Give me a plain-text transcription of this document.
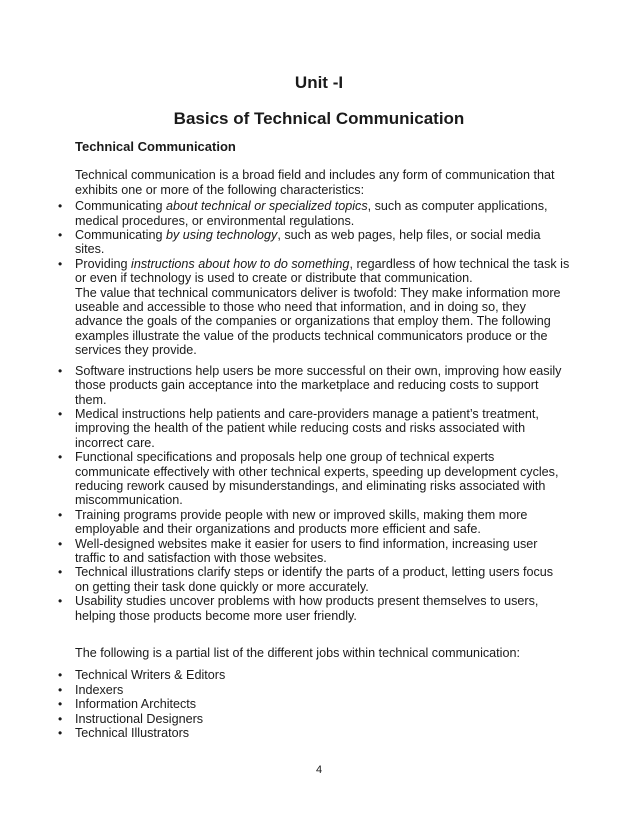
Unit -I
Basics of Technical Communication

Technical Communication

Technical communication is a broad field and includes any form of communication that exhibits one or more of the following characteristics:

• Communicating about technical or specialized topics, such as computer applications, medical procedures, or environmental regulations.
• Communicating by using technology, such as web pages, help files, or social media sites.
• Providing instructions about how to do something, regardless of how technical the task is or even if technology is used to create or distribute that communication.

The value that technical communicators deliver is twofold: They make information more useable and accessible to those who need that information, and in doing so, they advance the goals of the companies or organizations that employ them. The following examples illustrate the value of the products technical communicators produce or the services they provide.

• Software instructions help users be more successful on their own, improving how easily those products gain acceptance into the marketplace and reducing costs to support them.
• Medical instructions help patients and care-providers manage a patient’s treatment, improving the health of the patient while reducing costs and risks associated with incorrect care.
• Functional specifications and proposals help one group of technical experts communicate effectively with other technical experts, speeding up development cycles, reducing rework caused by misunderstandings, and eliminating risks associated with miscommunication.
• Training programs provide people with new or improved skills, making them more employable and their organizations and products more efficient and safe.
• Well-designed websites make it easier for users to find information, increasing user traffic to and satisfaction with those websites.
• Technical illustrations clarify steps or identify the parts of a product, letting users focus on getting their task done quickly or more accurately.
• Usability studies uncover problems with how products present themselves to users, helping those products become more user friendly.

The following is a partial list of the different jobs within technical communication:

• Technical Writers & Editors
• Indexers
• Information Architects
• Instructional Designers
• Technical Illustrators
4
